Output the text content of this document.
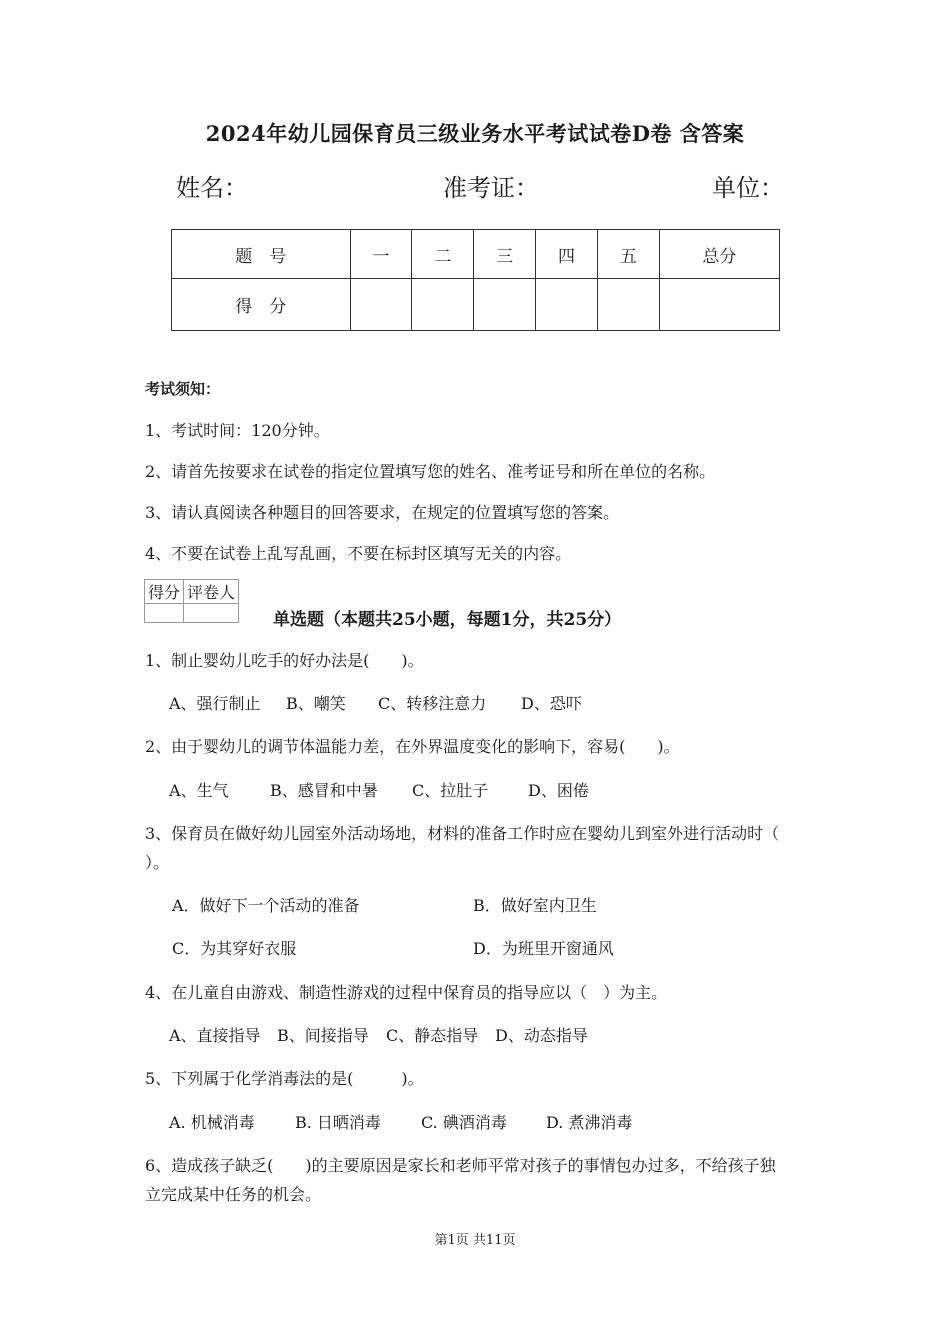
2024年幼儿园保育员三级业务水平考试试卷D卷 含答案
姓名：	准考证：	单位：
题　号	一	二	三	四	五	总分
得　分						
考试须知：
1、考试时间：120分钟。
2、请首先按要求在试卷的指定位置填写您的姓名、准考证号和所在单位的名称。
3、请认真阅读各种题目的回答要求，在规定的位置填写您的答案。
4、不要在试卷上乱写乱画，不要在标封区填写无关的内容。
得分	评卷人

单选题（本题共25小题，每题1分，共25分）
1、制止婴幼儿吃手的好办法是(　　)。
A、强行制止 B、嘲笑 C、转移注意力 D、恐吓
2、由于婴幼儿的调节体温能力差，在外界温度变化的影响下，容易(　　)。
A、生气	B、感冒和中暑 C、拉肚子 D、困倦
3、保育员在做好幼儿园室外活动场地，材料的准备工作时应在婴幼儿到室外进行活动时（
）。
A．做好下一个活动的准备	B．做好室内卫生
C．为其穿好衣服	D．为班里开窗通风
4、在儿童自由游戏、制造性游戏的过程中保育员的指导应以（　）为主。
A、直接指导 B、间接指导 C、静态指导 D、动态指导
5、下列属于化学消毒法的是(　　　)。
A. 机械消毒	B. 日晒消毒	C. 碘酒消毒 D. 煮沸消毒
6、造成孩子缺乏(　　)的主要原因是家长和老师平常对孩子的事情包办过多，不给孩子独
立完成某中任务的机会。
第1页 共11页
